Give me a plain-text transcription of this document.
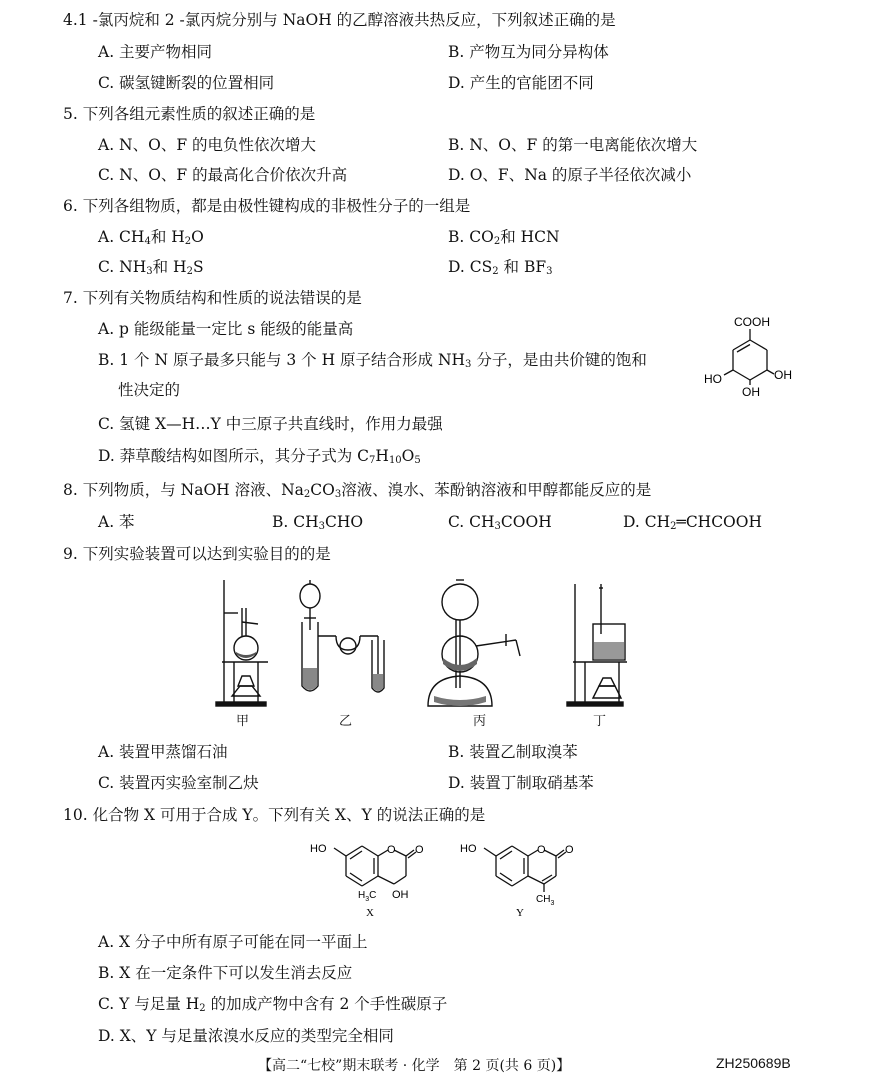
4.1 -氯丙烷和 2 -氯丙烷分别与 NaOH 的乙醇溶液共热反应，下列叙述正确的是
A. 主要产物相同	B. 产物互为同分异构体
C. 碳氢键断裂的位置相同	D. 产生的官能团不同
5. 下列各组元素性质的叙述正确的是
A. N、O、F 的电负性依次增大	B. N、O、F 的第一电离能依次增大
C. N、O、F 的最高化合价依次升高	D. O、F、Na 的原子半径依次减小
6. 下列各组物质，都是由极性键构成的非极性分子的一组是
A. $CH_4$和 $H_2O$	B. $CO_2$和 HCN
C. $NH_3$和 $H_2S$	D. $CS_2$ 和 $BF_3$
7. 下列有关物质结构和性质的说法错误的是
A. p 能级能量一定比 s 能级的能量高
B. 1 个 N 原子最多只能与 3 个 H 原子结合形成 $NH_3$ 分子，是由共价键的饱和
性决定的
C. 氢键 X—H…Y 中三原子共直线时，作用力最强
D. 莽草酸结构如图所示，其分子式为 $C_7H_{10}O_5$
COOH
HO
OH
OH
8. 下列物质，与 NaOH 溶液、$Na_2CO_3$溶液、溴水、苯酚钠溶液和甲醇都能反应的是
A. 苯	B. $CH_3CHO$	C. $CH_3COOH$	D. $CH_2═CHCOOH$
9. 下列实验装置可以达到实验目的的是
甲	乙	丙	丁
A. 装置甲蒸馏石油	B. 装置乙制取溴苯
C. 装置丙实验室制乙炔	D. 装置丁制取硝基苯
10. 化合物 X 可用于合成 Y。下列有关 X、Y 的说法正确的是
HO	O O
$H_3C$ OH
X
HO	O O
$CH_3$
Y
A. X 分子中所有原子可能在同一平面上
B. X 在一定条件下可以发生消去反应
C. Y 与足量 $H_2$ 的加成产物中含有 2 个手性碳原子
D. X、Y 与足量浓溴水反应的类型完全相同
【高二“七校”期末联考 · 化学　第 2 页(共 6 页)】	ZH250689B
